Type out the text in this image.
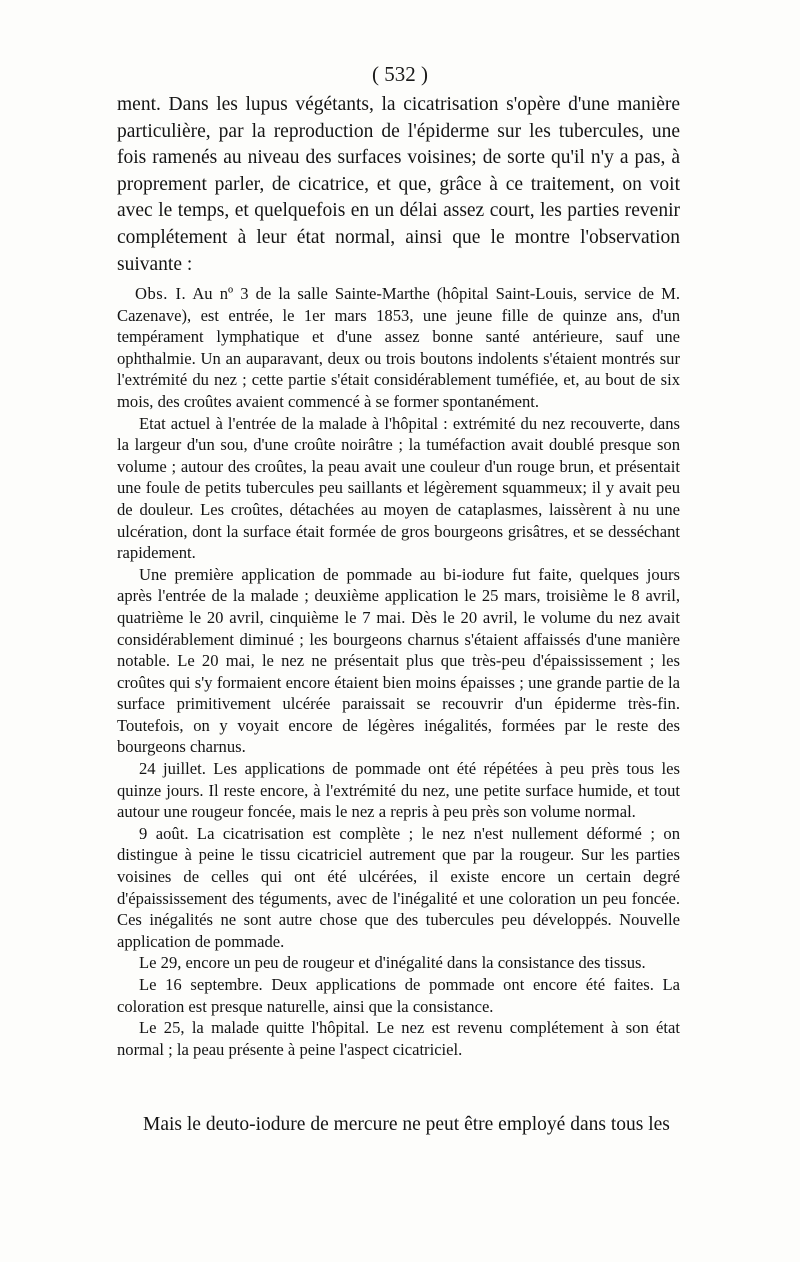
( 532 )

ment. Dans les lupus végétants, la cicatrisation s'opère d'une manière particulière, par la reproduction de l'épiderme sur les tubercules, une fois ramenés au niveau des surfaces voisines; de sorte qu'il n'y a pas, à proprement parler, de cicatrice, et que, grâce à ce traitement, on voit avec le temps, et quelquefois en un délai assez court, les parties revenir complétement à leur état normal, ainsi que le montre l'observation suivante :

Obs. I. Au nº 3 de la salle Sainte-Marthe (hôpital Saint-Louis, service de M. Cazenave), est entrée, le 1er mars 1853, une jeune fille de quinze ans, d'un tempérament lymphatique et d'une assez bonne santé antérieure, sauf une ophthalmie. Un an auparavant, deux ou trois boutons indolents s'étaient montrés sur l'extrémité du nez ; cette partie s'était considérablement tuméfiée, et, au bout de six mois, des croûtes avaient commencé à se former spontanément.

Etat actuel à l'entrée de la malade à l'hôpital : extrémité du nez recouverte, dans la largeur d'un sou, d'une croûte noirâtre ; la tuméfaction avait doublé presque son volume ; autour des croûtes, la peau avait une couleur d'un rouge brun, et présentait une foule de petits tubercules peu saillants et légèrement squammeux; il y avait peu de douleur. Les croûtes, détachées au moyen de cataplasmes, laissèrent à nu une ulcération, dont la surface était formée de gros bourgeons grisâtres, et se desséchant rapidement.

Une première application de pommade au bi-iodure fut faite, quelques jours après l'entrée de la malade ; deuxième application le 25 mars, troisième le 8 avril, quatrième le 20 avril, cinquième le 7 mai. Dès le 20 avril, le volume du nez avait considérablement diminué ; les bourgeons charnus s'étaient affaissés d'une manière notable. Le 20 mai, le nez ne présentait plus que très-peu d'épaississement ; les croûtes qui s'y formaient encore étaient bien moins épaisses ; une grande partie de la surface primitivement ulcérée paraissait se recouvrir d'un épiderme très-fin. Toutefois, on y voyait encore de légères inégalités, formées par le reste des bourgeons charnus.

24 juillet. Les applications de pommade ont été répétées à peu près tous les quinze jours. Il reste encore, à l'extrémité du nez, une petite surface humide, et tout autour une rougeur foncée, mais le nez a repris à peu près son volume normal.

9 août. La cicatrisation est complète ; le nez n'est nullement déformé ; on distingue à peine le tissu cicatriciel autrement que par la rougeur. Sur les parties voisines de celles qui ont été ulcérées, il existe encore un certain degré d'épaississement des téguments, avec de l'inégalité et une coloration un peu foncée. Ces inégalités ne sont autre chose que des tubercules peu développés. Nouvelle application de pommade.

Le 29, encore un peu de rougeur et d'inégalité dans la consistance des tissus.

Le 16 septembre. Deux applications de pommade ont encore été faites. La coloration est presque naturelle, ainsi que la consistance.

Le 25, la malade quitte l'hôpital. Le nez est revenu complétement à son état normal ; la peau présente à peine l'aspect cicatriciel.

Mais le deuto-iodure de mercure ne peut être employé dans tous les
